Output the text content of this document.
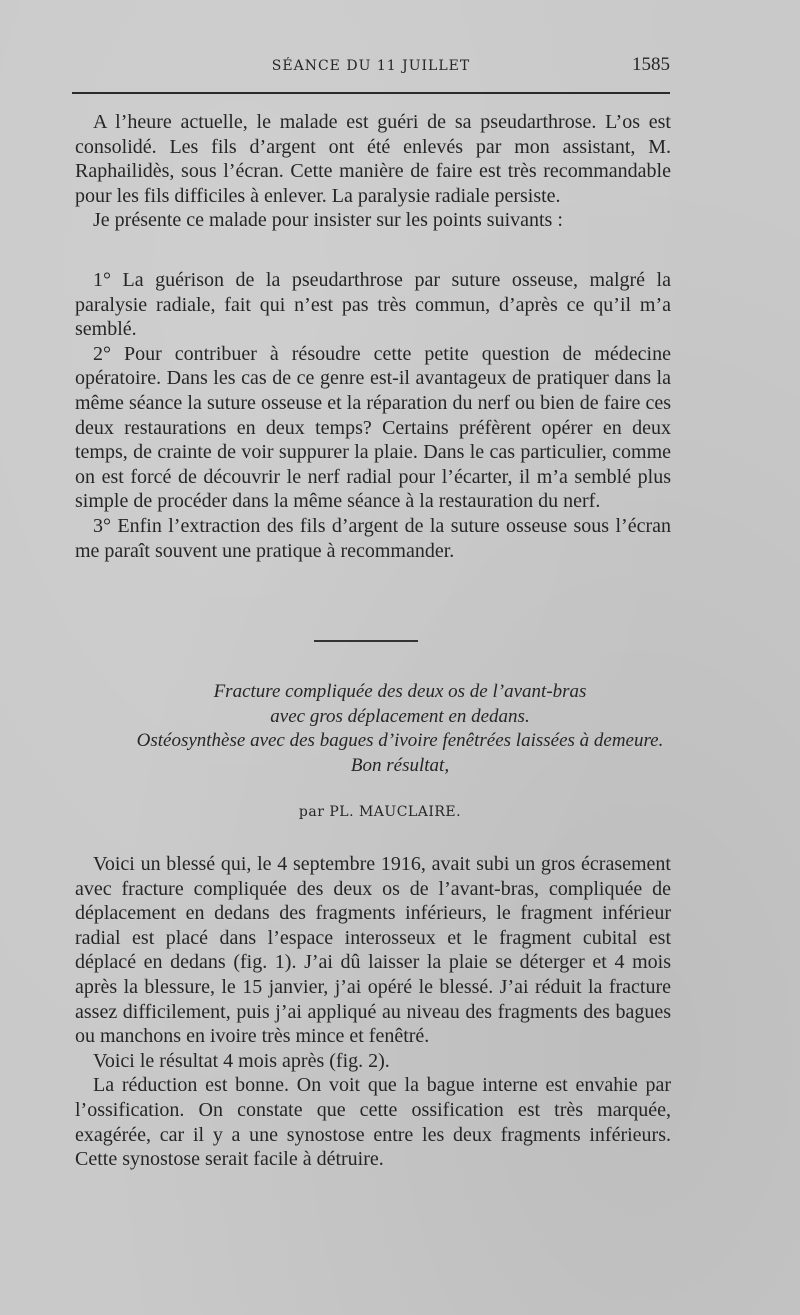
SÉANCE DU 11 JUILLET	1585

A l’heure actuelle, le malade est guéri de sa pseudarthrose. L’os est consolidé. Les fils d’argent ont été enlevés par mon assistant, M. Raphailidès, sous l’écran. Cette manière de faire est très recommandable pour les fils difficiles à enlever. La paralysie radiale persiste.

Je présente ce malade pour insister sur les points suivants :

1° La guérison de la pseudarthrose par suture osseuse, malgré la paralysie radiale, fait qui n’est pas très commun, d’après ce qu’il m’a semblé.

2° Pour contribuer à résoudre cette petite question de médecine opératoire. Dans les cas de ce genre est-il avantageux de pratiquer dans la même séance la suture osseuse et la réparation du nerf ou bien de faire ces deux restaurations en deux temps? Certains préfèrent opérer en deux temps, de crainte de voir suppurer la plaie. Dans le cas particulier, comme on est forcé de découvrir le nerf radial pour l’écarter, il m’a semblé plus simple de procéder dans la même séance à la restauration du nerf.

3° Enfin l’extraction des fils d’argent de la suture osseuse sous l’écran me paraît souvent une pratique à recommander.

Fracture compliquée des deux os de l’avant-bras
avec gros déplacement en dedans.
Ostéosynthèse avec des bagues d’ivoire fenêtrées laissées à demeure.
Bon résultat,
par PL. MAUCLAIRE.

Voici un blessé qui, le 4 septembre 1916, avait subi un gros écrasement avec fracture compliquée des deux os de l’avant-bras, compliquée de déplacement en dedans des fragments inférieurs, le fragment inférieur radial est placé dans l’espace interosseux et le fragment cubital est déplacé en dedans (fig. 1). J’ai dû laisser la plaie se déterger et 4 mois après la blessure, le 15 janvier, j’ai opéré le blessé. J’ai réduit la fracture assez difficilement, puis j’ai appliqué au niveau des fragments des bagues ou manchons en ivoire très mince et fenêtré.

Voici le résultat 4 mois après (fig. 2).

La réduction est bonne. On voit que la bague interne est envahie par l’ossification. On constate que cette ossification est très marquée, exagérée, car il y a une synostose entre les deux fragments inférieurs. Cette synostose serait facile à détruire.
